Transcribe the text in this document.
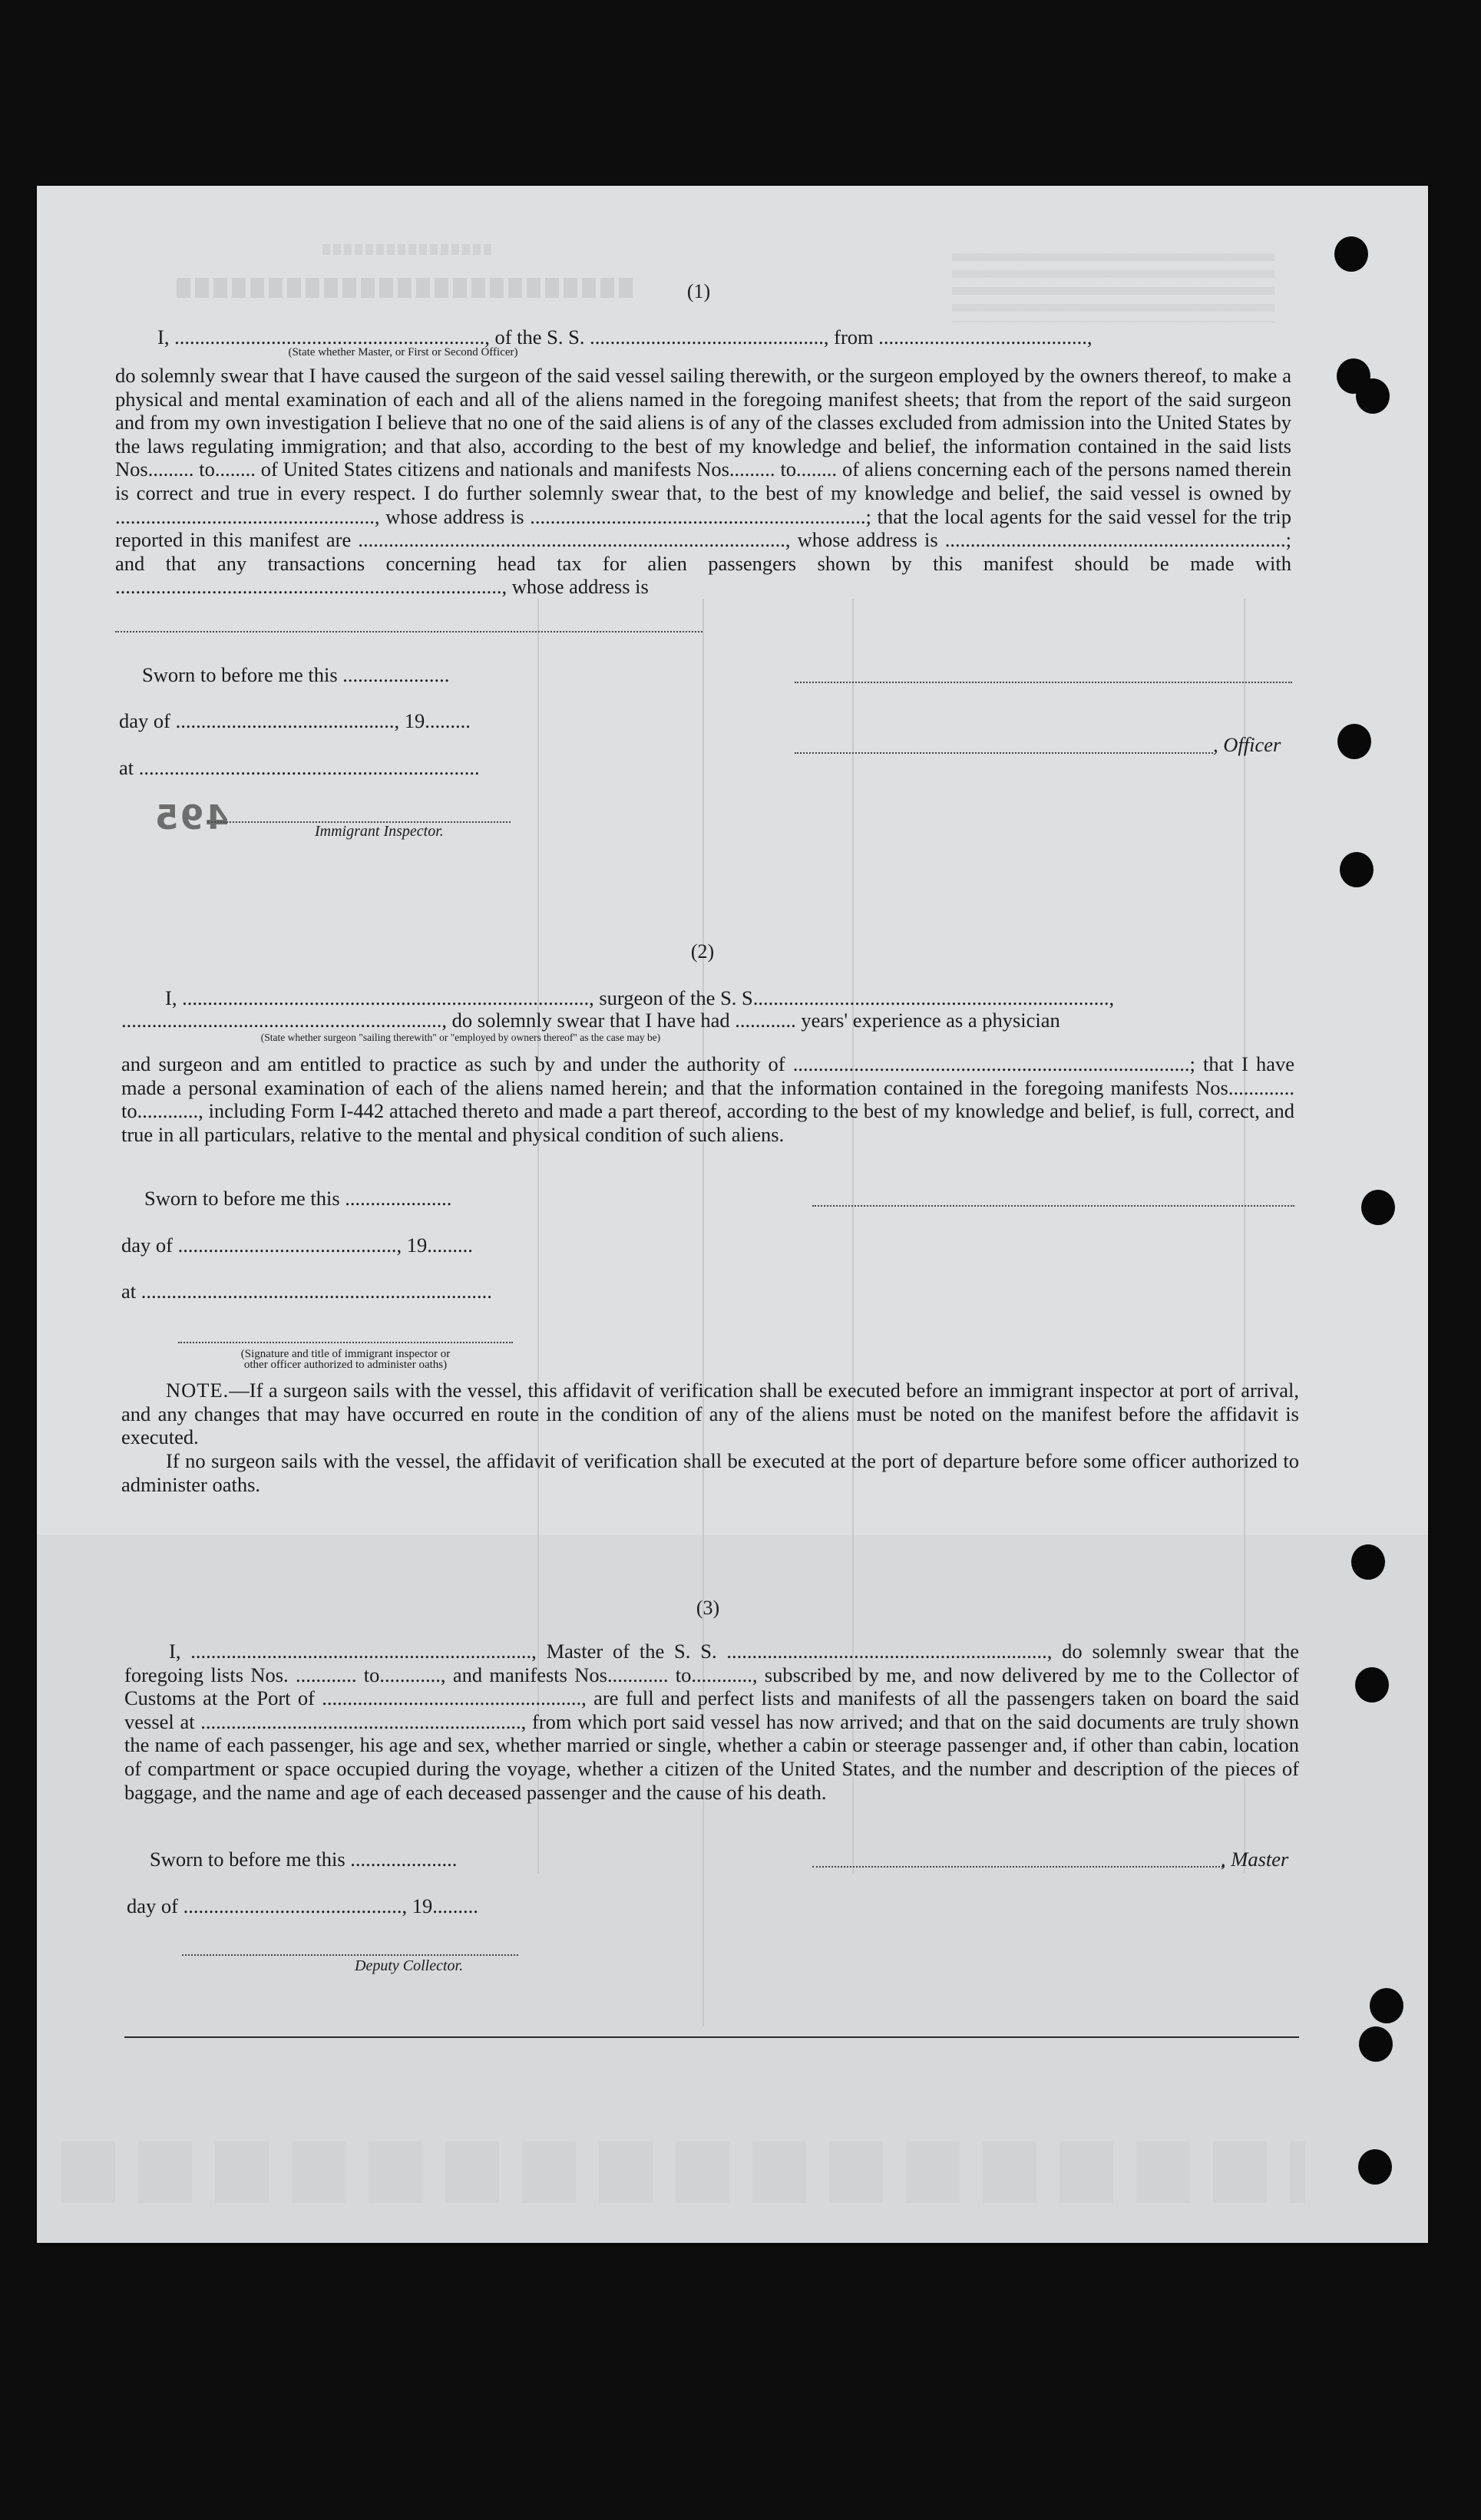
(1)
I, ............................................................., of the S. S. .............................................., from .........................................,
(State whether Master, or First or Second Officer)
do solemnly swear that I have caused the surgeon of the said vessel sailing therewith, or the surgeon employed by the owners thereof, to make a physical and mental examination of each and all of the aliens named in the foregoing manifest sheets; that from the report of the said surgeon and from my own investigation I believe that no one of the said aliens is of any of the classes excluded from admission into the United States by the laws regulating immigration; and that also, according to the best of my knowledge and belief, the information contained in the said lists Nos......... to........ of United States citizens and nationals and manifests Nos......... to........ of aliens concerning each of the persons named therein is correct and true in every respect. I do further solemnly swear that, to the best of my knowledge and belief, the said vessel is owned by ..................................................., whose address is ..................................................................; that the local agents for the said vessel for the trip reported in this manifest are ...................................................................................., whose address is ...................................................................; and that any transactions concerning head tax for alien passengers shown by this manifest should be made with ............................................................................, whose address is
Sworn to before me this .....................
day of ..........................................., 19.........
, Officer
at ...................................................................
495	Immigrant Inspector.
(2)
I, ................................................................................, surgeon of the S. S......................................................................,
..............................................................., do solemnly swear that I have had ............ years' experience as a physician
(State whether surgeon "sailing therewith" or "employed by owners thereof" as the case may be)
and surgeon and am entitled to practice as such by and under the authority of ..............................................................................; that I have made a personal examination of each of the aliens named herein; and that the information contained in the foregoing manifests Nos............. to............, including Form I-442 attached thereto and made a part thereof, according to the best of my knowledge and belief, is full, correct, and true in all particulars, relative to the mental and physical condition of such aliens.
Sworn to before me this .....................
day of ..........................................., 19.........
at .....................................................................
(Signature and title of immigrant inspector or
other officer authorized to administer oaths)
NOTE.—If a surgeon sails with the vessel, this affidavit of verification shall be executed before an immigrant inspector at port of arrival, and any changes that may have occurred en route in the condition of any of the aliens must be noted on the manifest before the affidavit is executed.
If no surgeon sails with the vessel, the affidavit of verification shall be executed at the port of departure before some officer authorized to administer oaths.
(3)
I, ..................................................................., Master of the S. S. ..............................................................., do solemnly swear that the foregoing lists Nos. ............ to............, and manifests Nos............ to............, subscribed by me, and now delivered by me to the Collector of Customs at the Port of ..................................................., are full and perfect lists and manifests of all the passengers taken on board the said vessel at ..............................................................., from which port said vessel has now arrived; and that on the said documents are truly shown the name of each passenger, his age and sex, whether married or single, whether a cabin or steerage passenger and, if other than cabin, location of compartment or space occupied during the voyage, whether a citizen of the United States, and the number and description of the pieces of baggage, and the name and age of each deceased passenger and the cause of his death.
Sworn to before me this .....................	, Master
day of ..........................................., 19.........
Deputy Collector.
